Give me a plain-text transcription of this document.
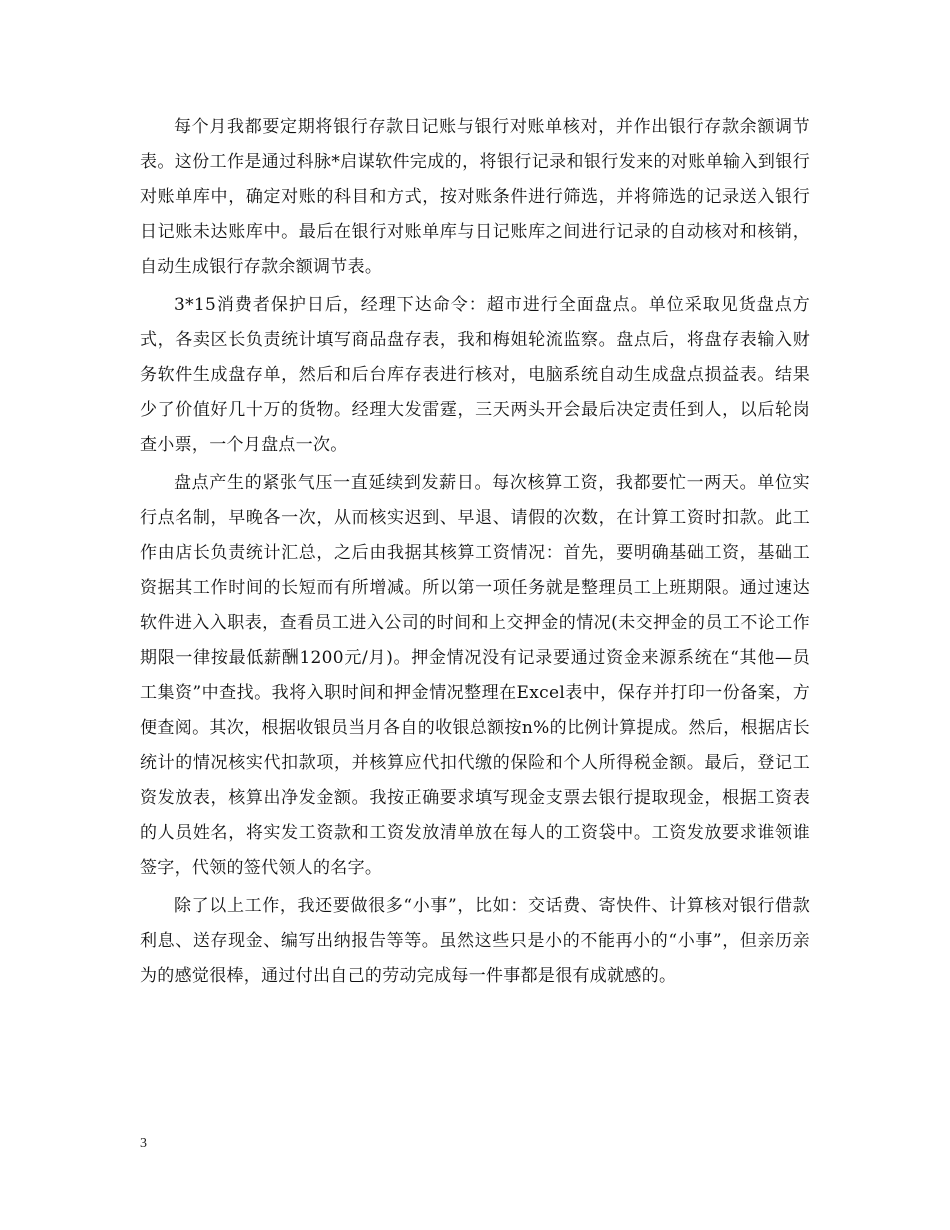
每个月我都要定期将银行存款日记账与银行对账单核对，并作出银行存款余额调节表。这份工作是通过科脉*启谋软件完成的，将银行记录和银行发来的对账单输入到银行对账单库中，确定对账的科目和方式，按对账条件进行筛选，并将筛选的记录送入银行日记账未达账库中。最后在银行对账单库与日记账库之间进行记录的自动核对和核销，自动生成银行存款余额调节表。

3*15消费者保护日后，经理下达命令：超市进行全面盘点。单位采取见货盘点方式，各卖区长负责统计填写商品盘存表，我和梅姐轮流监察。盘点后，将盘存表输入财务软件生成盘存单，然后和后台库存表进行核对，电脑系统自动生成盘点损益表。结果少了价值好几十万的货物。经理大发雷霆，三天两头开会最后决定责任到人，以后轮岗查小票，一个月盘点一次。

盘点产生的紧张气压一直延续到发薪日。每次核算工资，我都要忙一两天。单位实行点名制，早晚各一次，从而核实迟到、早退、请假的次数，在计算工资时扣款。此工作由店长负责统计汇总，之后由我据其核算工资情况：首先，要明确基础工资，基础工资据其工作时间的长短而有所增减。所以第一项任务就是整理员工上班期限。通过速达软件进入入职表，查看员工进入公司的时间和上交押金的情况(未交押金的员工不论工作期限一律按最低薪酬1200元/月)。押金情况没有记录要通过资金来源系统在“其他—员工集资”中查找。我将入职时间和押金情况整理在Excel表中，保存并打印一份备案，方便查阅。其次，根据收银员当月各自的收银总额按n%的比例计算提成。然后，根据店长统计的情况核实代扣款项，并核算应代扣代缴的保险和个人所得税金额。最后，登记工资发放表，核算出净发金额。我按正确要求填写现金支票去银行提取现金，根据工资表的人员姓名，将实发工资款和工资发放清单放在每人的工资袋中。工资发放要求谁领谁签字，代领的签代领人的名字。

除了以上工作，我还要做很多“小事”，比如：交话费、寄快件、计算核对银行借款利息、送存现金、编写出纳报告等等。虽然这些只是小的不能再小的“小事”，但亲历亲为的感觉很棒，通过付出自己的劳动完成每一件事都是很有成就感的。

3
